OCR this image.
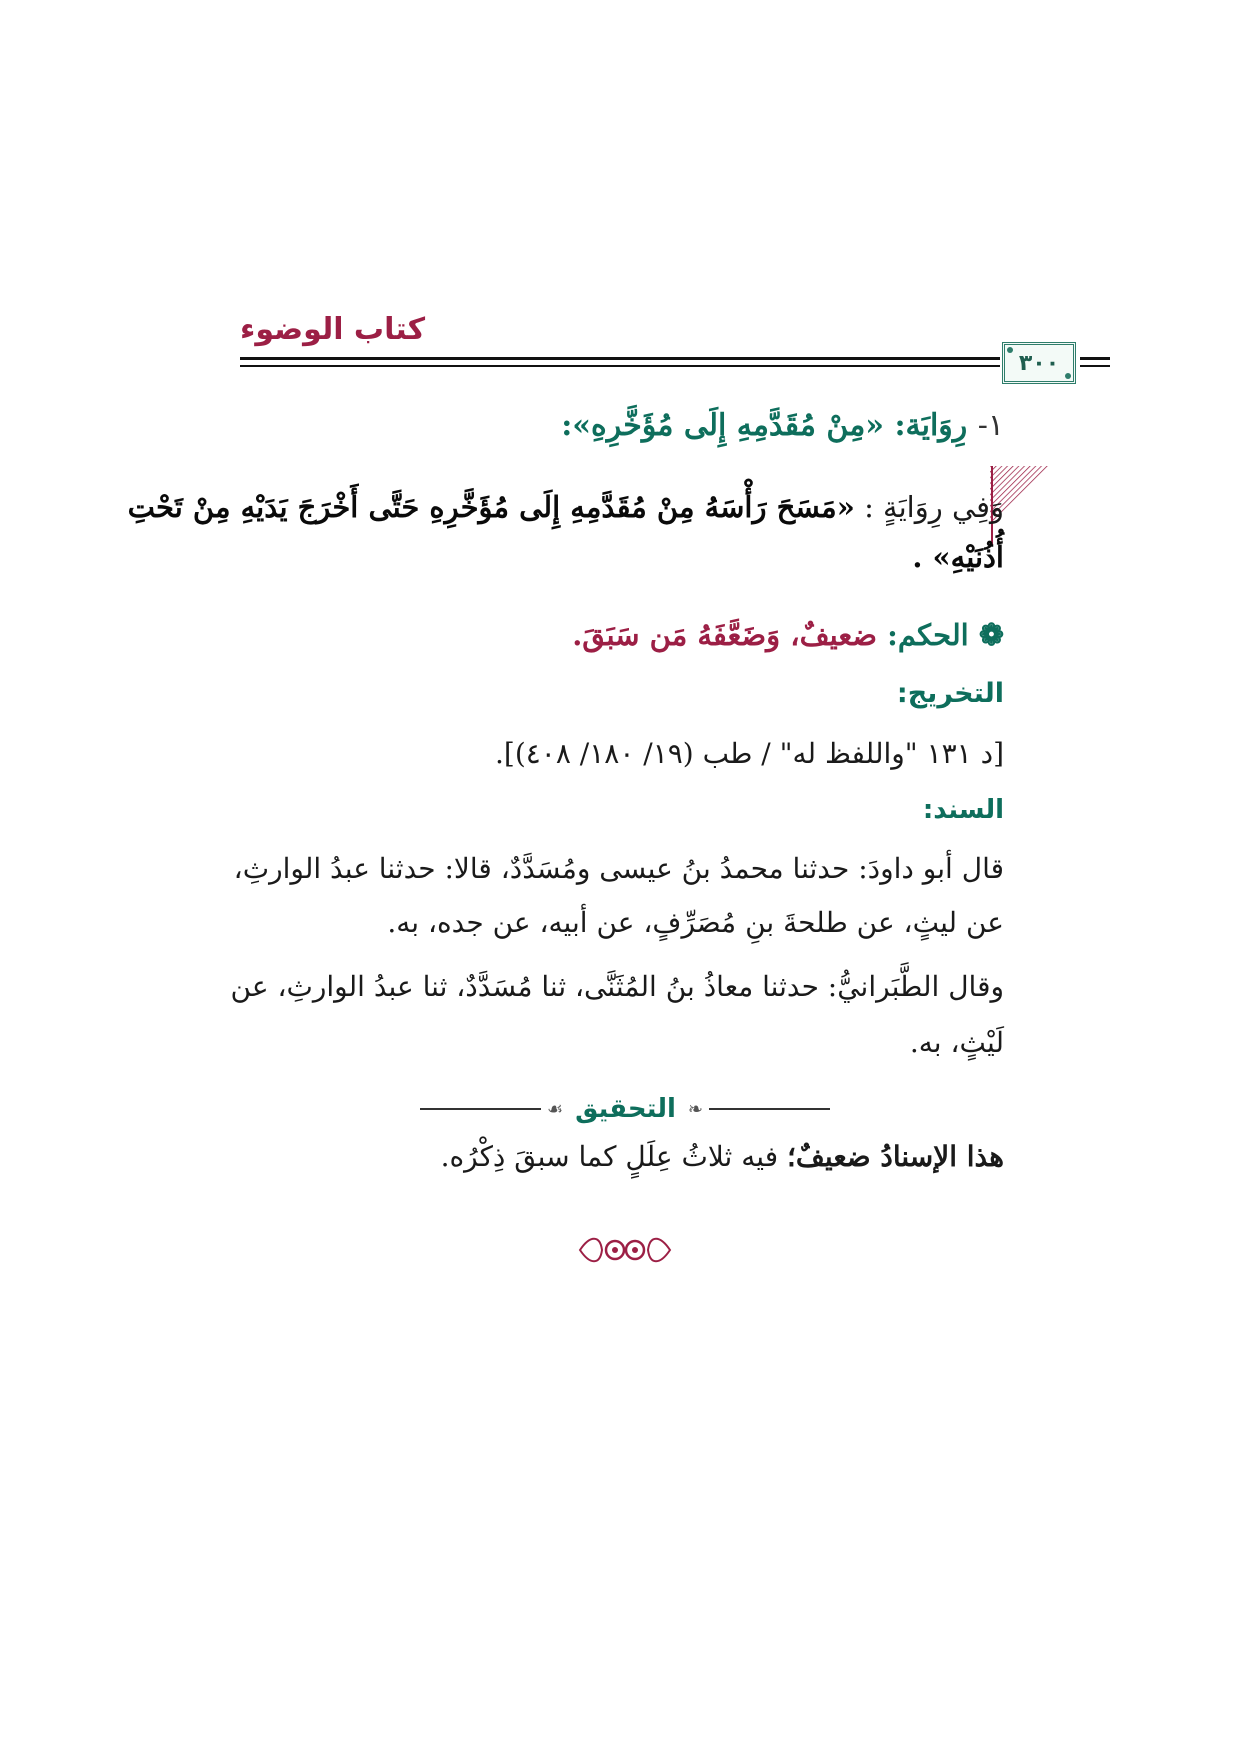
كتاب الوضوء
٣٠٠
١- رِوَايَة: «مِنْ مُقَدَّمِهِ إِلَى مُؤَخَّرِهِ»:
وَفِي رِوَايَةٍ : «مَسَحَ رَأْسَهُ مِنْ مُقَدَّمِهِ إِلَى مُؤَخَّرِهِ حَتَّى أَخْرَجَ يَدَيْهِ مِنْ تَحْتِ
أُذُنَيْهِ» .
❁ الحكم: ضعيفٌ، وَضَعَّفَهُ مَن سَبَقَ.
التخريج:
[د ١٣١ "واللفظ له" / طب (١٩/ ١٨٠/ ٤٠٨)].
السند:
قال أبو داودَ: حدثنا محمدُ بنُ عيسى ومُسَدَّدٌ، قالا: حدثنا عبدُ الوارثِ،
عن ليثٍ، عن طلحةَ بنِ مُصَرِّفٍ، عن أبيه، عن جده، به.
وقال الطَّبَرانيُّ: حدثنا معاذُ بنُ المُثَنَّى، ثنا مُسَدَّدٌ، ثنا عبدُ الوارثِ، عن
لَيْثٍ، به.
❧
التحقيق
☙
هذا الإسنادُ ضعيفٌ؛ فيه ثلاثُ عِلَلٍ كما سبقَ ذِكْرُه.
